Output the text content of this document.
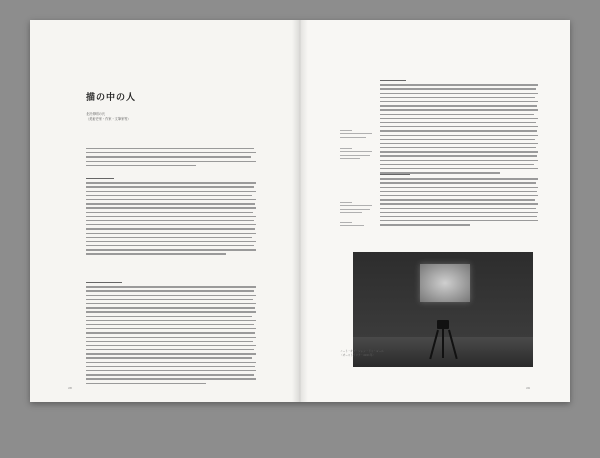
描の中の人
北沢伸明の氏
（美術史家・作家・文筆家等）
28
ノート・オブ・シャン・ドゥ・ゴール
（オーストラリア・2011年）
29
